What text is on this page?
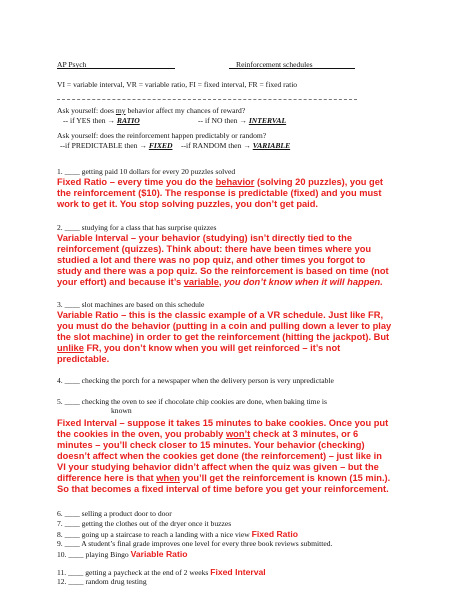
AP Psych	Reinforcement schedules
VI = variable interval, VR = variable ratio, FI = fixed interval, FR = fixed ratio
Ask yourself: does my behavior affect my chances of reward?
-- if YES then → RATIO	-- if NO then → INTERVAL
Ask yourself: does the reinforcement happen predictably or random?
--if PREDICTABLE then → FIXED --if RANDOM then → VARIABLE
1. ____ getting paid 10 dollars for every 20 puzzles solved
Fixed Ratio – every time you do the behavior (solving 20 puzzles), you get
the reinforcement ($10). The response is predictable (fixed) and you must
work to get it. You stop solving puzzles, you don’t get paid.
2. ____ studying for a class that has surprise quizzes
Variable Interval – your behavior (studying) isn’t directly tied to the
reinforcement (quizzes). Think about: there have been times where you
studied a lot and there was no pop quiz, and other times you forgot to
study and there was a pop quiz. So the reinforcement is based on time (not
your effort) and because it’s variable, you don’t know when it will happen.
3. ____ slot machines are based on this schedule
Variable Ratio – this is the classic example of a VR schedule. Just like FR,
you must do the behavior (putting in a coin and pulling down a lever to play
the slot machine) in order to get the reinforcement (hitting the jackpot). But
unlike FR, you don’t know when you will get reinforced – it’s not
predictable.
4. ____ checking the porch for a newspaper when the delivery person is very unpredictable
5. ____ checking the oven to see if chocolate chip cookies are done, when baking time is
known
Fixed Interval – suppose it takes 15 minutes to bake cookies. Once you put
the cookies in the oven, you probably won’t check at 3 minutes, or 6
minutes – you’ll check closer to 15 minutes. Your behavior (checking)
doesn’t affect when the cookies get done (the reinforcement) – just like in
VI your studying behavior didn’t affect when the quiz was given – but the
difference here is that when you’ll get the reinforcement is known (15 min.).
So that becomes a fixed interval of time before you get your reinforcement.
6. ____ selling a product door to door
7. ____ getting the clothes out of the dryer once it buzzes
8. ____ going up a staircase to reach a landing with a nice view Fixed Ratio
9. ____ A student’s final grade improves one level for every three book reviews submitted.
10. ____ playing Bingo Variable Ratio
11. ____ getting a paycheck at the end of 2 weeks Fixed Interval
12. ____ random drug testing
